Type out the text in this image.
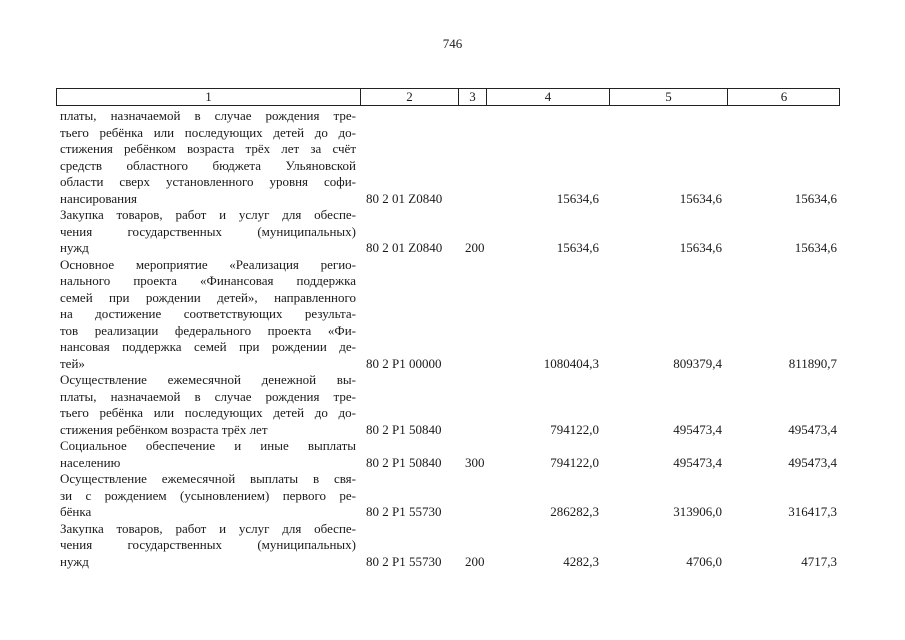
746
1	2	3	4	5	6
платы, назначаемой в случае рождения тре-
тьего ребёнка или последующих детей до до-
стижения ребёнком возраста трёх лет за счёт
средств областного бюджета Ульяновской
области сверх установленного уровня софи-
нансирования	80 2 01 Z0840	15634,6	15634,6	15634,6
Закупка товаров, работ и услуг для обеспе-
чения государственных (муниципальных)
нужд	80 2 01 Z0840 200	15634,6	15634,6	15634,6
Основное мероприятие «Реализация регио-
нального проекта «Финансовая поддержка
семей при рождении детей», направленного
на достижение соответствующих результа-
тов реализации федерального проекта «Фи-
нансовая поддержка семей при рождении де-
тей»	80 2 P1 00000	1080404,3	809379,4	811890,7
Осуществление ежемесячной денежной вы-
платы, назначаемой в случае рождения тре-
тьего ребёнка или последующих детей до до-
стижения ребёнком возраста трёх лет	80 2 P1 50840	794122,0	495473,4	495473,4
Социальное обеспечение и иные выплаты
населению	80 2 P1 50840 300	794122,0	495473,4	495473,4
Осуществление ежемесячной выплаты в свя-
зи с рождением (усыновлением) первого ре-
бёнка	80 2 P1 55730	286282,3	313906,0	316417,3
Закупка товаров, работ и услуг для обеспе-
чения государственных (муниципальных)
нужд	80 2 P1 55730 200	4282,3	4706,0	4717,3
